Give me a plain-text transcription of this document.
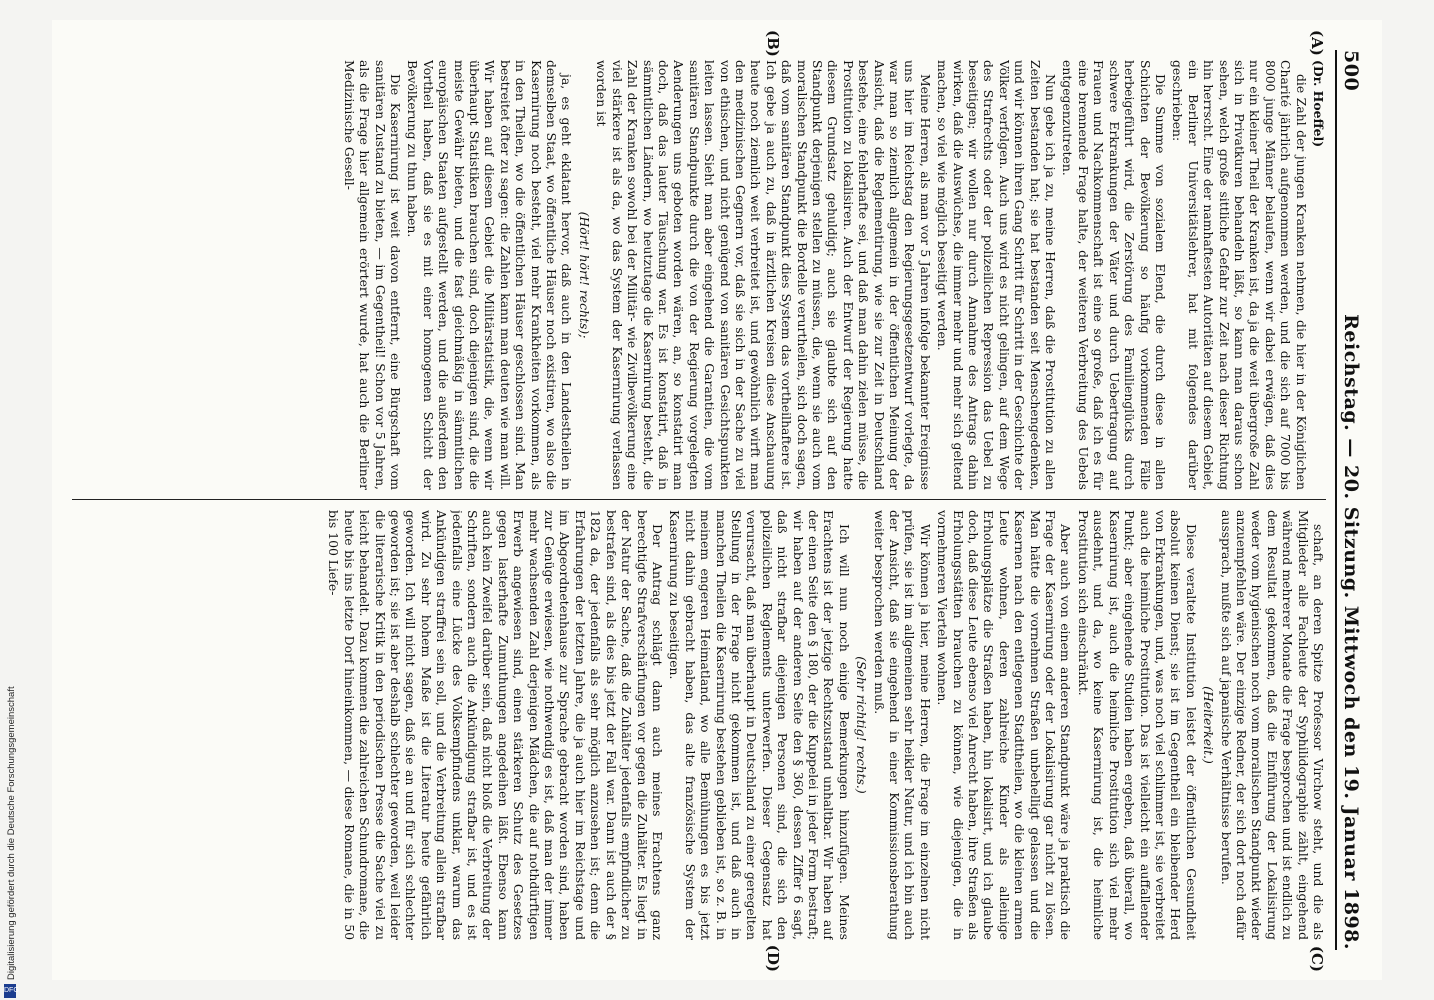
500
Reichstag. — 20. Sitzung. Mittwoch den 19. Januar 1898.
(A)
(B)
(C)
(D)

(Dr. Hoeffel)

die Zahl der jungen Kranken nehmen, die hier in der Königlichen Charité jährlich aufgenommen werden, und die sich auf 7000 bis 8000 junge Männer belaufen, wenn wir dabei erwägen, daß dies nur ein kleiner Theil der Kranken ist, da ja die weit übergroße Zahl sich in Privatkuren behandeln läßt, so kann man daraus schon sehen, welch große sittliche Gefahr zur Zeit nach dieser Richtung hin herrscht. Eine der namhaftesten Autoritäten auf diesem Gebiet, ein Berliner Universitätslehrer, hat mit folgendes darüber geschrieben:

Die Summe von sozialem Elend, die durch diese in allen Schichten der Bevölkerung so häufig vorkommenden Fälle herbeigeführt wird, die Zerstörung des Familienglücks durch schwere Erkrankungen der Väter und durch Uebertragung auf Frauen und Nachkommenschaft ist eine so große, daß ich es für eine brennende Frage halte, der weiteren Verbreitung des Uebels entgegenzutreten.

Nun gebe ich ja zu, meine Herren, daß die Prostitution zu allen Zeiten bestanden hat; sie hat bestanden seit Menschengedenken, und wir können ihren Gang Schritt für Schritt in der Geschichte der Völker verfolgen. Auch uns wird es nicht gelingen, auf dem Wege des Strafrechts oder der polizeilichen Repression das Uebel zu beseitigen; wir wollen nur durch Annahme des Antrags dahin wirken, daß die Auswüchse, die immer mehr und mehr sich geltend machen, so viel wie möglich beseitigt werden.

Meine Herren, als man vor 5 Jahren infolge bekannter Ereignisse uns hier im Reichstag den Regierungsgesetzentwurf vorlegte, da war man so ziemlich allgemein in der öffentlichen Meinung der Ansicht, daß die Reglementirung, wie sie zur Zeit in Deutschland bestehe, eine fehlerhafte sei, und daß man dahin zielen müsse, die Prostitution zu lokalisiren. Auch der Entwurf der Regierung hatte diesem Grundsatz gehuldigt; auch sie glaubte sich auf den Standpunkt derjenigen stellen zu müssen, die, wenn sie auch vom moralischen Standpunkt die Bordelle verurtheilen, sich doch sagen, daß vom sanitären Standpunkt dies System das vortheilhaftere ist. Ich gebe ja auch zu, daß in ärztlichen Kreisen diese Anschauung heute noch ziemlich weit verbreitet ist, und gewöhnlich wirft man den medizinischen Gegnern vor, daß sie sich in der Sache zu viel von ethischen, und nicht genügend von sanitären Gesichtspunkten leiten lassen. Sieht man aber eingehend die Garantien, die vom sanitären Standpunkte durch die von der Regierung vorgelegten Aenderungen uns geboten worden wären, an, so konstatirt man doch, daß das lauter Täuschung war. Es ist konstatirt, daß in sämmtlichen Ländern, wo heutzutage die Kasernirung besteht, die Zahl der Kranken sowohl bei der Militär- wie Zivilbevölkerung eine viel stärkere ist als da, wo das System der Kasernirung verlassen worden ist

(Hört! hört! rechts);

ja, es geht eklatant hervor, daß auch in den Landestheilen in demselben Staat, wo öffentliche Häuser noch existiren, wo also die Kasernirung noch besteht, viel mehr Krankheiten vorkommen, als in den Theilen, wo die öffentlichen Häuser geschlossen sind. Man bestreitet öfter zu sagen: die Zahlen kann man deuten wie man will. Wir haben auf diesem Gebiet die Militärstatistik, die, wenn wir überhaupt Statistiken brauchen sind, doch diejenigen sind, die die meiste Gewähr bieten, und die fast gleichmäßig in sämmtlichen europäischen Staaten aufgestellt werden, und die außerdem den Vortheil haben, daß sie es mit einer homogenen Schicht der Bevölkerung zu thun haben.

Die Kasernirung ist weit davon entfernt, eine Bürgschaft vom sanitären Zustand zu bieten, — im Gegentheil! Schon vor 5 Jahren, als die Frage hier allgemein erörtert wurde, hat auch die Berliner Medizinische Gesell-

schaft, an deren Spitze Professor Virchow steht, und die als Mitglieder alle Fachleute der Syphilidographie zählt, eingehend während mehrerer Monate die Frage besprochen und ist endlich zu dem Resultat gekommen, daß die Einführung der Lokalisirung weder vom hygienischen noch vom moralischen Standpunkt wieder anzuempfehlen wäre. Der einzige Redner, der sich dort noch dafür aussprach, mußte sich auf japanische Verhältnisse berufen.

(Heiterkeit.)

Diese veraltete Institution leistet der öffentlichen Gesundheit absolut keinen Dienst; sie ist im Gegentheil ein bleibender Herd von Erkrankungen, und, was noch viel schlimmer ist, sie verbreitet auch die heimliche Prostitution. Das ist vielleicht ein auffallender Punkt; aber eingehende Studien haben ergeben, daß überall, wo Kasernirung ist, auch die heimliche Prostitution sich viel mehr ausdehnt, und da, wo keine Kasernirung ist, die heimliche Prostitution sich einschränkt.

Aber auch von einem anderen Standpunkt wäre ja praktisch die Frage der Kasernirung oder der Lokalisirung gar nicht zu lösen. Man hätte die vornehmen Straßen unbehelligt gelassen und die Kasernen nach den entlegenen Stadttheilen, wo die kleinen armen Leute wohnen, deren zahlreiche Kinder als alleinige Erholungsplätze die Straßen haben, hin lokalisirt, und ich glaube doch, daß diese Leute ebenso viel Anrecht haben, ihre Straßen als Erholungsstätten brauchen zu können, wie diejenigen, die in vornehmeren Vierteln wohnen.

Wir können ja hier, meine Herren, die Frage im einzelnen nicht prüfen, sie ist im allgemeinen sehr heikler Natur, und ich bin auch der Ansicht, daß sie eingehend in einer Kommissionsberathung weiter besprochen werden muß.

(Sehr richtig! rechts.)

Ich will nun noch einige Bemerkungen hinzufügen. Meines Erachtens ist der jetzige Rechtszustand unhaltbar. Wir haben auf der einen Seite den § 180, der die Kuppelei in jeder Form bestraft; wir haben auf der anderen Seite den § 360, dessen Ziffer 6 sagt, daß nicht strafbar diejenigen Personen sind, die sich den polizeilichen Reglements unterwerfen. Dieser Gegensatz hat verursacht, daß man überhaupt in Deutschland zu einer geregelten Stellung in der Frage nicht gekommen ist, und daß auch in manchen Theilen die Kasernirung bestehen geblieben ist, so z. B. in meinem engeren Heimatland, wo alle Bemühungen es bis jetzt nicht dahin gebracht haben, das alte französische System der Kasernirung zu beseitigen.

Der Antrag schlägt dann auch meines Erachtens ganz berechtigte Strafverschärfungen vor gegen die Zuhälter. Es liegt in der Natur der Sache, daß die Zuhälter jedenfalls empfindlicher zu bestrafen sind, als dies bis jetzt der Fall war. Dann ist auch der § 182a da, der jedenfalls als sehr möglich anzusehen ist; denn die Erfahrungen der letzten Jahre, die ja auch hier im Reichstage und im Abgeordnetenhause zur Sprache gebracht worden sind, haben zur Genüge erwiesen, wie nothwendig es ist, daß man der immer mehr wachsenden Zahl derjenigen Mädchen, die auf nothdürftigen Erwerb angewiesen sind, einen stärkeren Schutz des Gesetzes gegen lasterhafte Zumuthungen angedeihen läßt. Ebenso kann auch kein Zweifel darüber sein, daß nicht bloß die Verbreitung der Schriften, sondern auch die Ankündigung strafbar ist, und es ist jedenfalls eine Lücke des Volksempfindens unklar, warum das Ankündigen straffrei sein soll, und die Verbreitung allein strafbar wird. Zu sehr hohem Maße ist die Literatur heute gefährlich geworden. Ich will nicht sagen, daß sie an und für sich schlechter geworden ist; sie ist aber deshalb schlechter geworden, weil leider die literarische Kritik in den periodischen Presse die Sache viel zu leicht behandelt. Dazu kommen die zahlreichen Schundromane, die heute bis ins letzte Dorf hineinkommen, — diese Romane, die in 50 bis 100 Liefe-

Digitalisierung gefördert durch die Deutsche Forschungsgemeinschaft
DFG
